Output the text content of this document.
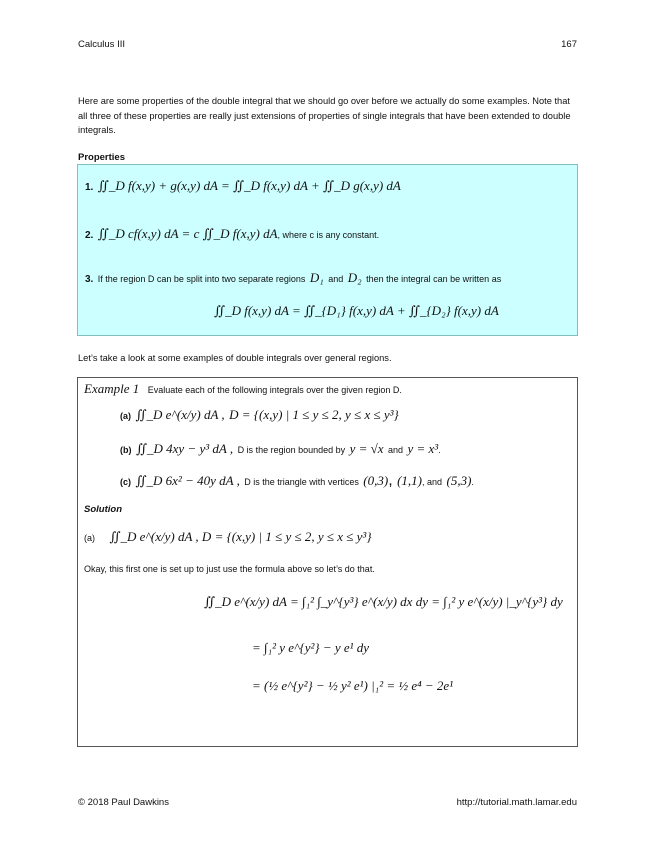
Calculus III	167
Here are some properties of the double integral that we should go over before we actually do some examples. Note that all three of these properties are really just extensions of properties of single integrals that have been extended to double integrals.
Properties
1. ∬_D f(x,y) + g(x,y) dA = ∬_D f(x,y) dA + ∬_D g(x,y) dA
2. ∬_D cf(x,y) dA = c ∬_D f(x,y) dA, where c is any constant.
3. If the region D can be split into two separate regions D₁ and D₂ then the integral can be written as
∬_D f(x,y) dA = ∬_{D₁} f(x,y) dA + ∬_{D₂} f(x,y) dA
Let’s take a look at some examples of double integrals over general regions.
Example 1 Evaluate each of the following integrals over the given region D.
(a) ∬_D e^(x/y) dA , D = {(x,y) | 1 ≤ y ≤ 2, y ≤ x ≤ y³}
(b) ∬_D 4xy − y³ dA , D is the region bounded by y = √x and y = x³.
(c) ∬_D 6x² − 40y dA , D is the triangle with vertices (0,3), (1,1), and (5,3).
Solution
(a) ∬_D e^(x/y) dA , D = {(x,y) | 1 ≤ y ≤ 2, y ≤ x ≤ y³}
Okay, this first one is set up to just use the formula above so let’s do that.
∬_D e^(x/y) dA = ∫₁² ∫_y^{y³} e^(x/y) dx dy = ∫₁² y e^(x/y) |_y^{y³} dy
= ∫₁² y e^{y²} − y e¹ dy
= (½ e^{y²} − ½ y² e¹) |₁² = ½ e⁴ − 2e¹
© 2018 Paul Dawkins	http://tutorial.math.lamar.edu
